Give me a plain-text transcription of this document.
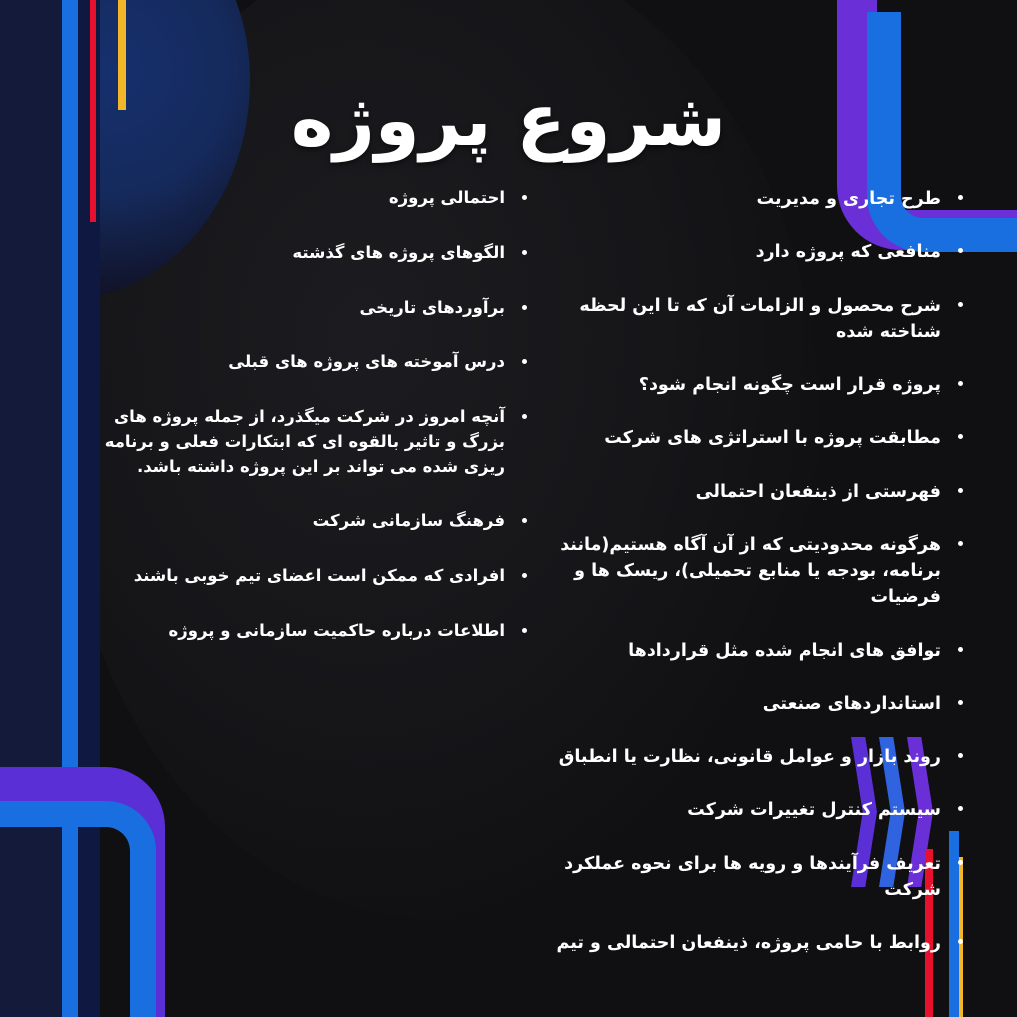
شروع پروژه
طرح تجاری و مدیریت
منافعی که پروژه دارد
شرح محصول و الزامات آن که تا این لحظه شناخته شده
پروژه قرار است چگونه انجام شود؟
مطابقت پروژه با استراتژی های شرکت
فهرستی از ذینفعان احتمالی
هرگونه محدودیتی که از آن آگاه هستیم(مانند برنامه، بودجه یا منابع تحمیلی)، ریسک ها و فرضیات
توافق های انجام شده مثل قراردادها
استانداردهای صنعتی
روند بازار و عوامل قانونی، نظارت یا انطباق
سیستم کنترل تغییرات شرکت
تعریف فرآیندها و رویه ها برای نحوه عملکرد شرکت
روابط با حامی پروژه، ذینفعان احتمالی و تیم
احتمالی پروژه
الگوهای پروژه های گذشته
برآوردهای تاریخی
درس آموخته های پروژه های قبلی
آنچه امروز در شرکت میگذرد، از جمله پروژه های بزرگ و تاثیر بالقوه ای که ابتکارات فعلی و برنامه ریزی شده می تواند بر این پروژه داشته باشد.
فرهنگ سازمانی شرکت
افرادی که ممکن است اعضای تیم خوبی باشند
اطلاعات درباره حاکمیت سازمانی و پروژه
